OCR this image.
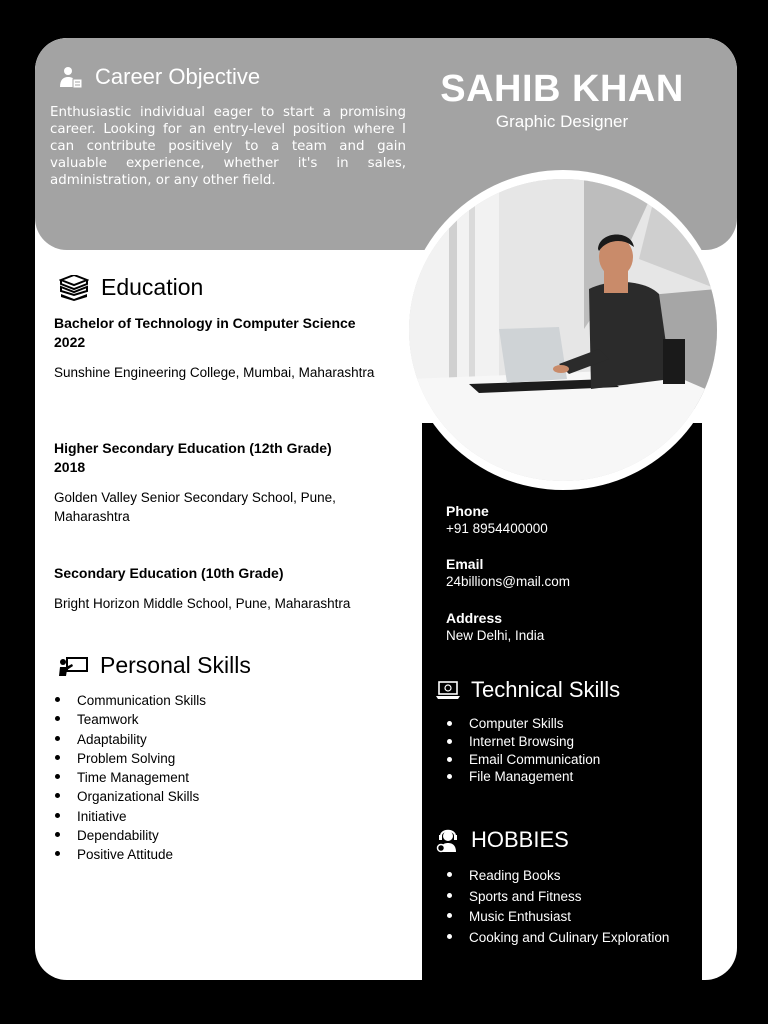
Career Objective

Enthusiastic individual eager to start a promising career. Looking for an entry-level position where I can contribute positively to a team and gain valuable experience, whether it's in sales, administration, or any other field.

SAHIB KHAN
Graphic Designer
Education
Bachelor of Technology in Computer Science
2022
Sunshine Engineering College, Mumbai, Maharashtra
Higher Secondary Education (12th Grade)
2018
Golden Valley Senior Secondary School, Pune, Maharashtra
Secondary Education (10th Grade)
Bright Horizon Middle School, Pune, Maharashtra
Personal Skills
Communication Skills
Teamwork
Adaptability
Problem Solving
Time Management
Organizational Skills
Initiative
Dependability
Positive Attitude
Phone
+91 8954400000
Email
24billions@mail.com
Address
New Delhi, India
Technical Skills
Computer Skills
Internet Browsing
Email Communication
File Management
HOBBIES
Reading Books
Sports and Fitness
Music Enthusiast
Cooking and Culinary Exploration
